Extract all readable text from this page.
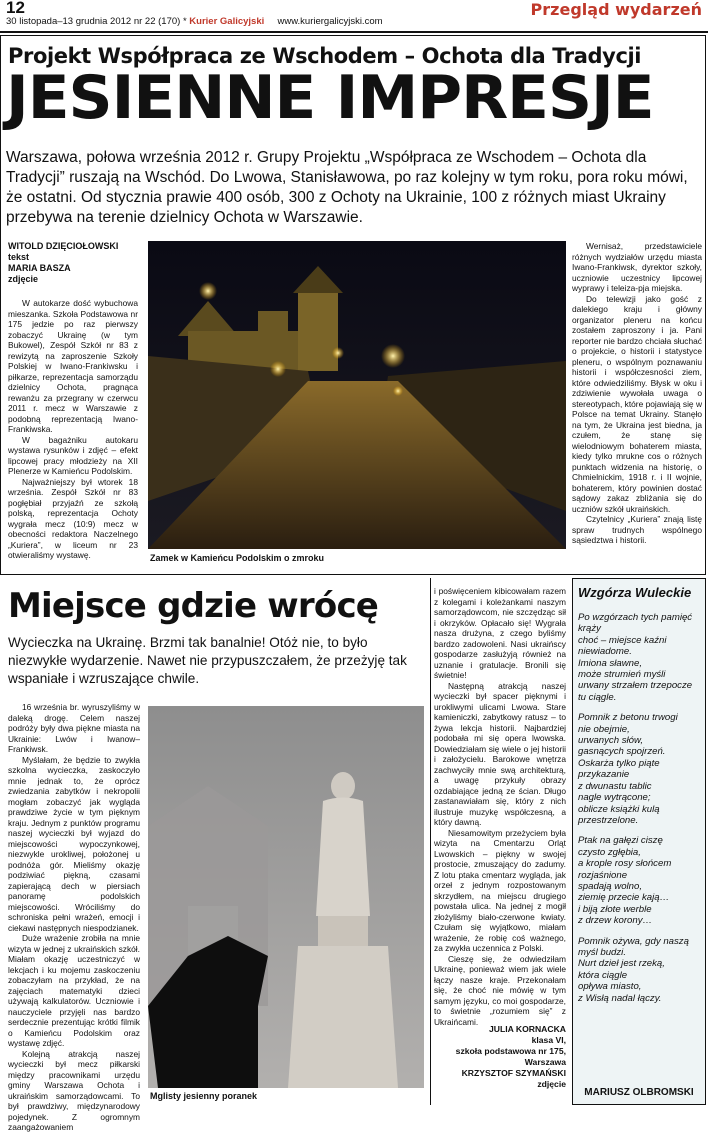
12
30 listopada–13 grudnia 2012 nr 22 (170) * Kurier Galicyjski www.kuriergalicyjski.com
Przegląd wydarzeń
Projekt Współpraca ze Wschodem – Ochota dla Tradycji
JESIENNE IMPRESJE
Warszawa, połowa września 2012 r. Grupy Projektu „Współpraca ze Wschodem – Ochota dla Tradycji” ruszają na Wschód. Do Lwowa, Stanisławowa, po raz kolejny w tym roku, pora roku mówi, że ostatni. Od stycznia prawie 400 osób, 300 z Ochoty na Ukrainie, 100 z różnych miast Ukrainy przebywa na terenie dzielnicy Ochota w Warszawie.
WITOLD DZIĘCIOŁOWSKI
tekst
MARIA BASZA
zdjęcie

W autokarze dość wybuchowa mieszanka. Szkoła Podstawowa nr 175 jedzie po raz pierwszy zobaczyć Ukrainę (w tym Bukowel), Zespół Szkół nr 83 z rewizytą na zaproszenie Szkoły Polskiej w Iwano-Frankiwsku i piłkarze, reprezentacja samorządu dzielnicy Ochota, pragnąca rewanżu za przegrany w czerwcu 2011 r. mecz w Warszawie z podobną reprezentacją Iwano-Frankiwska.

W bagażniku autokaru wystawa rysunków i zdjęć – efekt lipcowej pracy młodzieży na XII Plenerze w Kamieńcu Podolskim.

Najważniejszy był wtorek 18 września. Zespół Szkół nr 83 pogłębiał przyjaźń ze szkołą polską, reprezentacja Ochoty wygrała mecz (10:9) mecz w obecności redaktora Naczelnego „Kuriera”, w liceum nr 23 otwieraliśmy wystawę.	Zamek w Kamieńcu Podolskim o zmroku

Wernisaż, przedstawiciele różnych wydziałów urzędu miasta Iwano-Frankiwsk, dyrektor szkoły, uczniowie uczestnicy lipcowej wyprawy i teleiza-pja miejska.

Do telewizji jako gość z dalekiego kraju i główny organizator pleneru na końcu zostałem zaproszony i ja. Pani reporter nie bardzo chciała słuchać o projekcie, o historii i statystyce pleneru, o wspólnym poznawaniu historii i współczesności ziem, które odwiedziliśmy. Błysk w oku i zdziwienie wywołała uwaga o stereotypach, które pojawiają się w Polsce na temat Ukrainy. Stanęło na tym, że Ukraina jest biedna, ja czułem, że stanę się wielodniowym bohaterem miasta, kiedy tylko mrukne cos o różnych punktach widzenia na historię, o Chmielnickim, 1918 r. i II wojnie, bohaterem, który powinien dostać sądowy zakaz zbliżania się do uczniów szkół ukraińskich.

Czytelnicy „Kuriera” znają listę spraw trudnych wspólnego sąsiedztwa i historii.

Miejsce gdzie wrócę
Wycieczka na Ukrainę. Brzmi tak banalnie! Otóż nie, to było niezwykłe wydarzenie. Nawet nie przypuszczałem, że przeżyję tak wspaniałe i wzruszające chwile.

16 września br. wyruszyliśmy w daleką drogę. Celem naszej podróży były dwa piękne miasta na Ukrainie: Lwów i Iwanow–Frankiwsk.

Myślałam, że będzie to zwykła szkolna wycieczka, zaskoczyło mnie jednak to, że oprócz zwiedzania zabytków i nekropolii mogłam zobaczyć jak wygląda prawdziwe życie w tym pięknym kraju. Jednym z punktów programu naszej wycieczki był wyjazd do miejscowości wypoczynkowej, niezwykle urokliwej, położonej u podnóża gór. Mieliśmy okazję podziwiać piękną, czasami zapierającą dech w piersiach panoramę podolskich miejscowości. Wróciliśmy do schroniska pełni wrażeń, emocji i ciekawi następnych niespodzianek.

Duże wrażenie zrobiła na mnie wizyta w jednej z ukraińskich szkół. Miałam okazję uczestniczyć w lekcjach i ku mojemu zaskoczeniu zobaczyłam na przykład, że na zajęciach matematyki dzieci używają kalkulatorów. Uczniowie i nauczyciele przyjęli nas bardzo serdecznie prezentując krótki filmik o Kamieńcu Podolskim oraz wystawę zdjęć.

Kolejną atrakcją naszej wycieczki był mecz piłkarski między pracownikami urzędu gminy Warszawa Ochota i ukraińskim samorządowcami. To był prawdziwy, międzynarodowy pojedynek. Z ogromnym zaangażowaniem

Mglisty jesienny poranek

i poświęceniem kibicowałam razem z kolegami i koleżankami naszym samorządowcom, nie szczędząc sił i okrzyków. Opłacało się! Wygrała nasza drużyna, z czego byliśmy bardzo zadowoleni. Nasi ukraińscy gospodarze zasłużyją również na uznanie i gratulacje. Bronili się świetnie!

Następną atrakcją naszej wycieczki był spacer pięknymi i urokliwymi ulicami Lwowa. Stare kamieniczki, zabytkowy ratusz – to żywa lekcja historii. Najbardziej podobała mi się opera lwowska. Dowiedziałam się wiele o jej historii i założycielu. Barokowe wnętrza zachwyciły mnie swą architekturą, a uwagę przykuły obrazy ozdabiające jedną ze ścian. Długo zastanawiałam się, który z nich ilustruje muzykę współczesną, a który dawną.

Niesamowitym przeżyciem była wizyta na Cmentarzu Orląt Lwowskich – piękny w swojej prostocie, zmuszający do zadumy. Z lotu ptaka cmentarz wygląda, jak orzeł z jednym rozpostowanym skrzydłem, na miejscu drugiego powstała ulica. Na jednej z mogił złożyliśmy biało-czerwone kwiaty. Czułam się wyjątkowo, miałam wrażenie, że robię coś ważnego, za zwykła uczennica z Polski.

Cieszę się, że odwiedziłam Ukrainę, ponieważ wiem jak wiele łączy nasze kraje. Przekonałam się, że choć nie mówię w tym samym języku, co moi gospodarze, to świetnie „rozumiem się” z Ukraińcami.

JULIA KORNACKA
klasa VI,
szkoła podstawowa nr 175,
Warszawa
KRZYSZTOF SZYMAŃSKI
zdjęcie
Wzgórza Wuleckie

Po wzgórzach tych pamięć
krąży
choć – miejsce kaźni
niewiadome.
Imiona sławne,
może strumień myśli
urwany strzałem trzepocze
tu ciągle.

Pomnik z betonu trwogi
nie obejmie,
urwanych słów,
gasnących spojrzeń.
Oskarża tylko piąte
przykazanie
z dwunastu tablic
nagle wytrącone;
oblicze książki kulą
przestrzelone.

Ptak na gałęzi ciszę
czysto zgłębia,
a krople rosy słońcem
rozjaśnione
spadają wolno,
ziemię przecie kają…
i biją złote werble
z drzew korony…

Pomnik ożywa, gdy naszą
myśl budzi.
Nurt dzieł jest rzeką,
która ciągle
opływa miasto,
z Wisłą nadal łączy.

MARIUSZ OLBROMSKI
